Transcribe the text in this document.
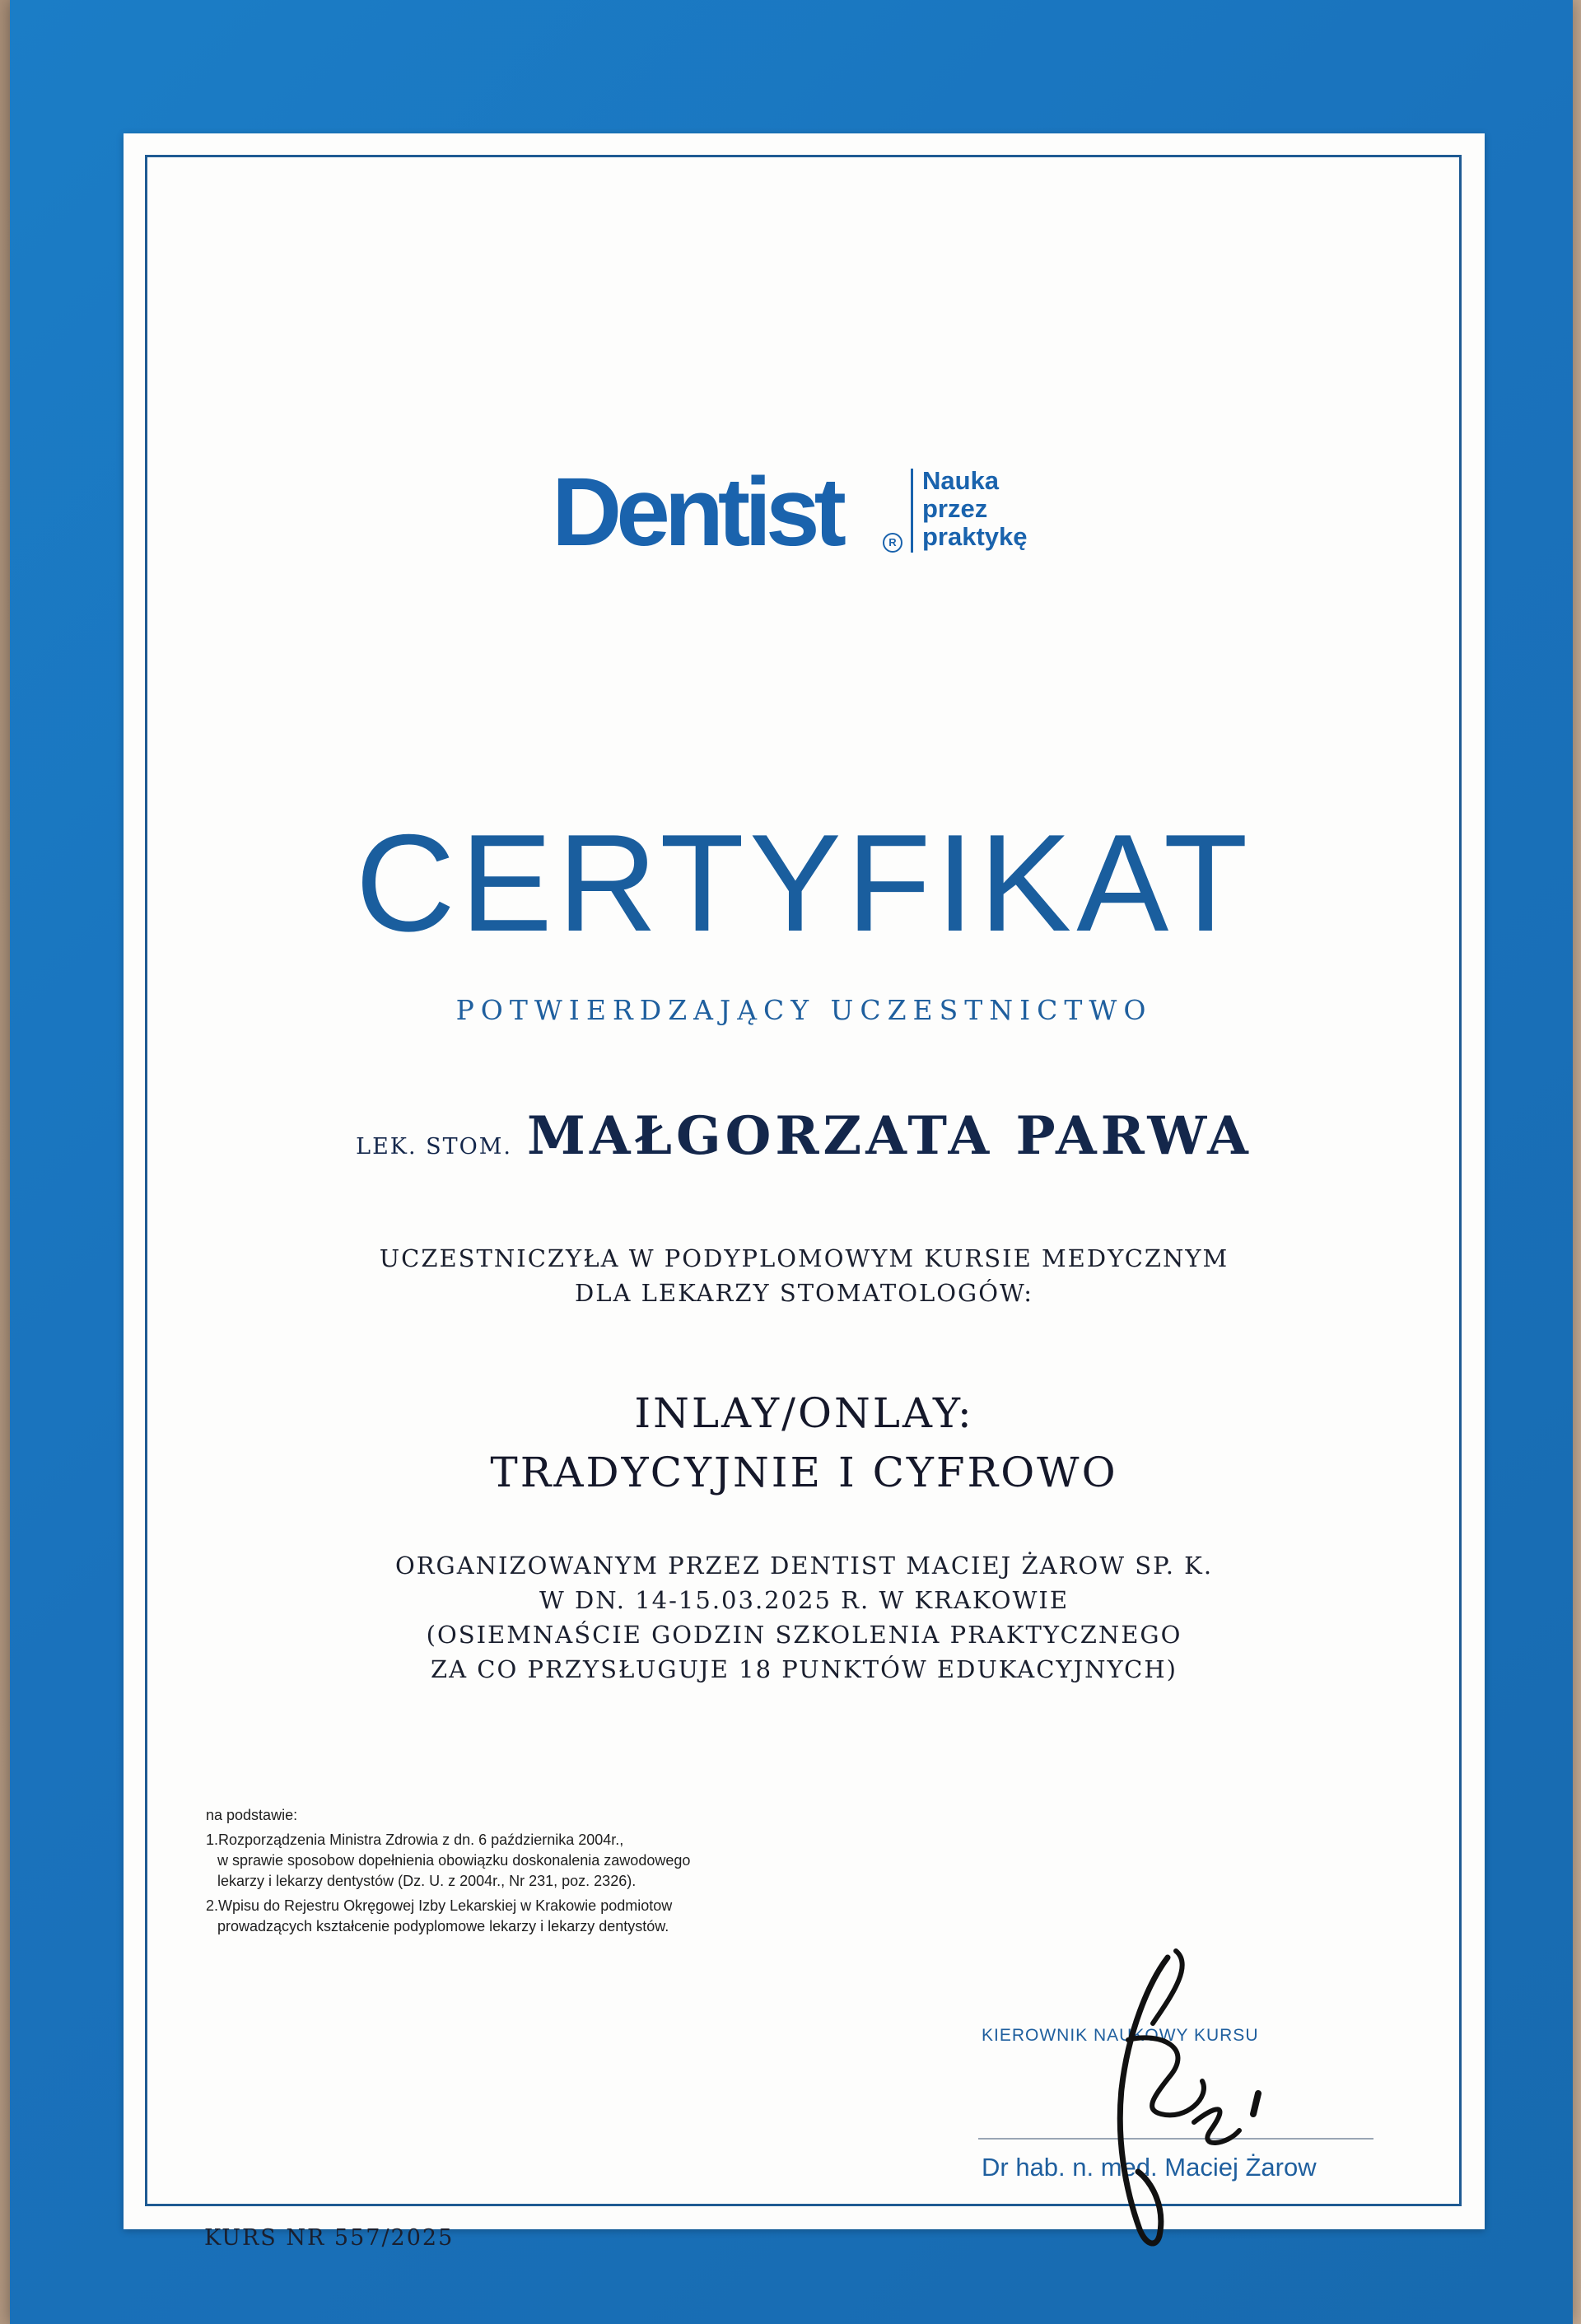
Dentist	R
Nauka
przez
praktykę
CERTYFIKAT
POTWIERDZAJĄCY UCZESTNICTWO
LEK. STOM. MAŁGORZATA PARWA
UCZESTNICZYŁA W PODYPLOMOWYM KURSIE MEDYCZNYM
DLA LEKARZY STOMATOLOGÓW:
INLAY/ONLAY:
TRADYCYJNIE I CYFROWO
ORGANIZOWANYM PRZEZ DENTIST MACIEJ ŻAROW SP. K.
W DN. 14-15.03.2025 R. W KRAKOWIE
(OSIEMNAŚCIE GODZIN SZKOLENIA PRAKTYCZNEGO
ZA CO PRZYSŁUGUJE 18 PUNKTÓW EDUKACYJNYCH)
na podstawie:
1.Rozporządzenia Ministra Zdrowia z dn. 6 października 2004r.,
w sprawie sposobow dopełnienia obowiązku doskonalenia zawodowego
lekarzy i lekarzy dentystów (Dz. U. z 2004r., Nr 231, poz. 2326).
2.Wpisu do Rejestru Okręgowej Izby Lekarskiej w Krakowie podmiotow
prowadzących kształcenie podyplomowe lekarzy i lekarzy dentystów.
KIEROWNIK NAUKOWY KURSU
Dr hab. n. med. Maciej Żarow
KURS NR 557/2025
